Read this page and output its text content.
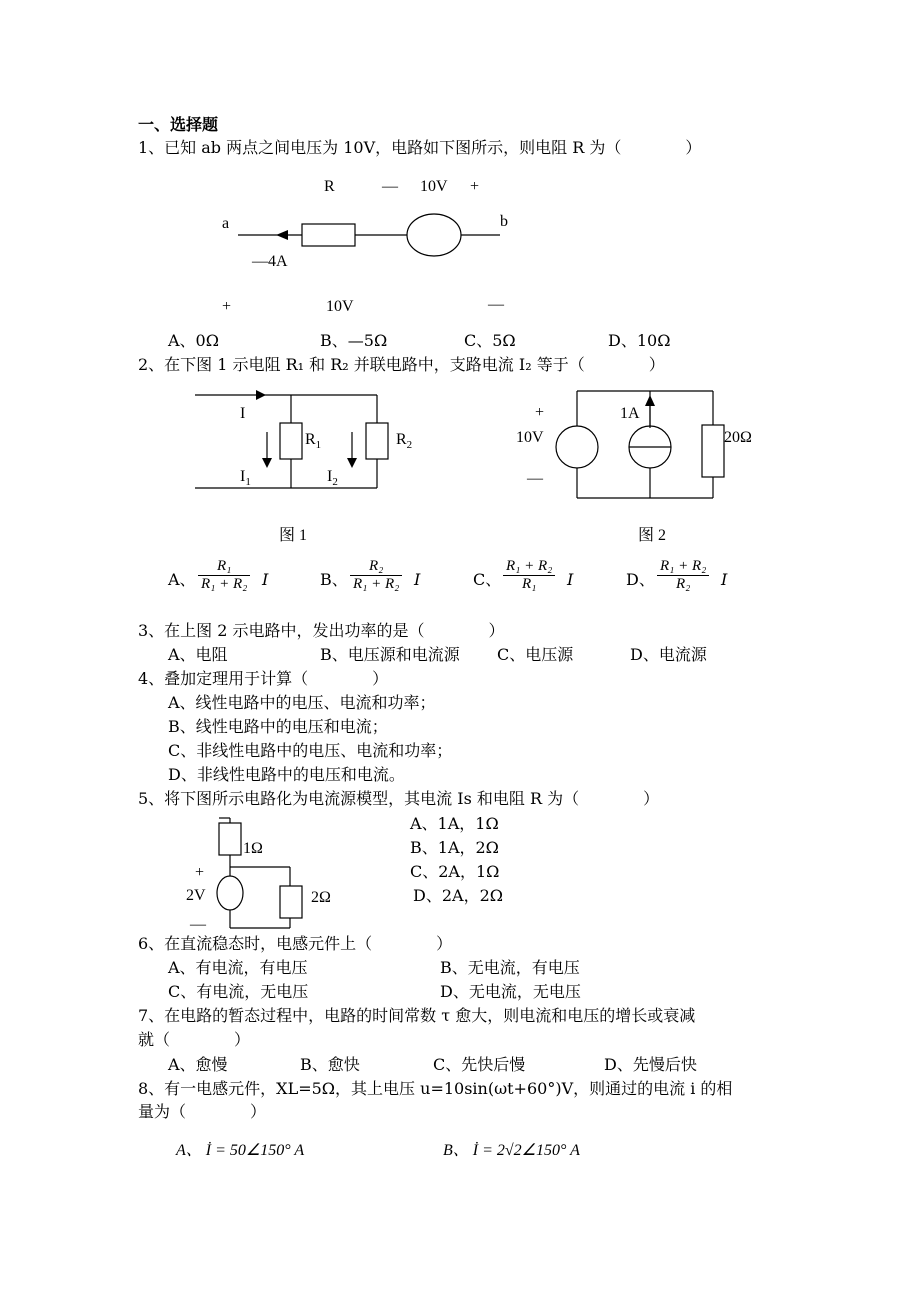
一、选择题
1、已知 ab 两点之间电压为 10V，电路如下图所示，则电阻 R 为（　　　　）
R	— 10V +
a	b
—4A
+	10V	—
A、0Ω	B、—5Ω	C、5Ω	D、10Ω
2、在下图 1 示电阻 R₁ 和 R₂ 并联电路中，支路电流 I₂ 等于（　　　　）
I
$R_1$	$R_2$
$I_1$	$I_2$
图 1
+
10V
—
1A
20Ω
图 2
A、 $\frac{\text{R₁}}{\text{R₁ + R₂}}$ I	B、 $\frac{\text{R₂}}{\text{R₁ + R₂}}$ I	C、 $\frac{\text{R₁ + R₂}}{\text{R₁}}$ I	D、 $\frac{\text{R₁ + R₂}}{\text{R₂}}$ I
3、在上图 2 示电路中，发出功率的是（　　　　）
A、电阻	B、电压源和电流源 C、电压源	D、电流源
4、叠加定理用于计算（　　　　）
A、线性电路中的电压、电流和功率；
B、线性电路中的电压和电流；
C、非线性电路中的电压、电流和功率；
D、非线性电路中的电压和电流。
5、将下图所示电路化为电流源模型，其电流 Is 和电阻 R 为（　　　　）
1Ω
+
2V	2Ω
—
A、1A，1Ω
B、1A，2Ω
C、2A，1Ω
D、2A，2Ω
6、在直流稳态时，电感元件上（　　　　）
A、有电流，有电压	B、无电流，有电压
C、有电流，无电压	D、无电流，无电压
7、在电路的暂态过程中，电路的时间常数 τ 愈大，则电流和电压的增长或衰减
就（　　　　）
A、愈慢	B、愈快	C、先快后慢	D、先慢后快
8、有一电感元件，XL=5Ω，其上电压 u=10sin(ωt+60°)V，则通过的电流 i 的相
量为（　　　　）
A、 İ = 50∠150° A	B、 İ = 2√2∠150° A
